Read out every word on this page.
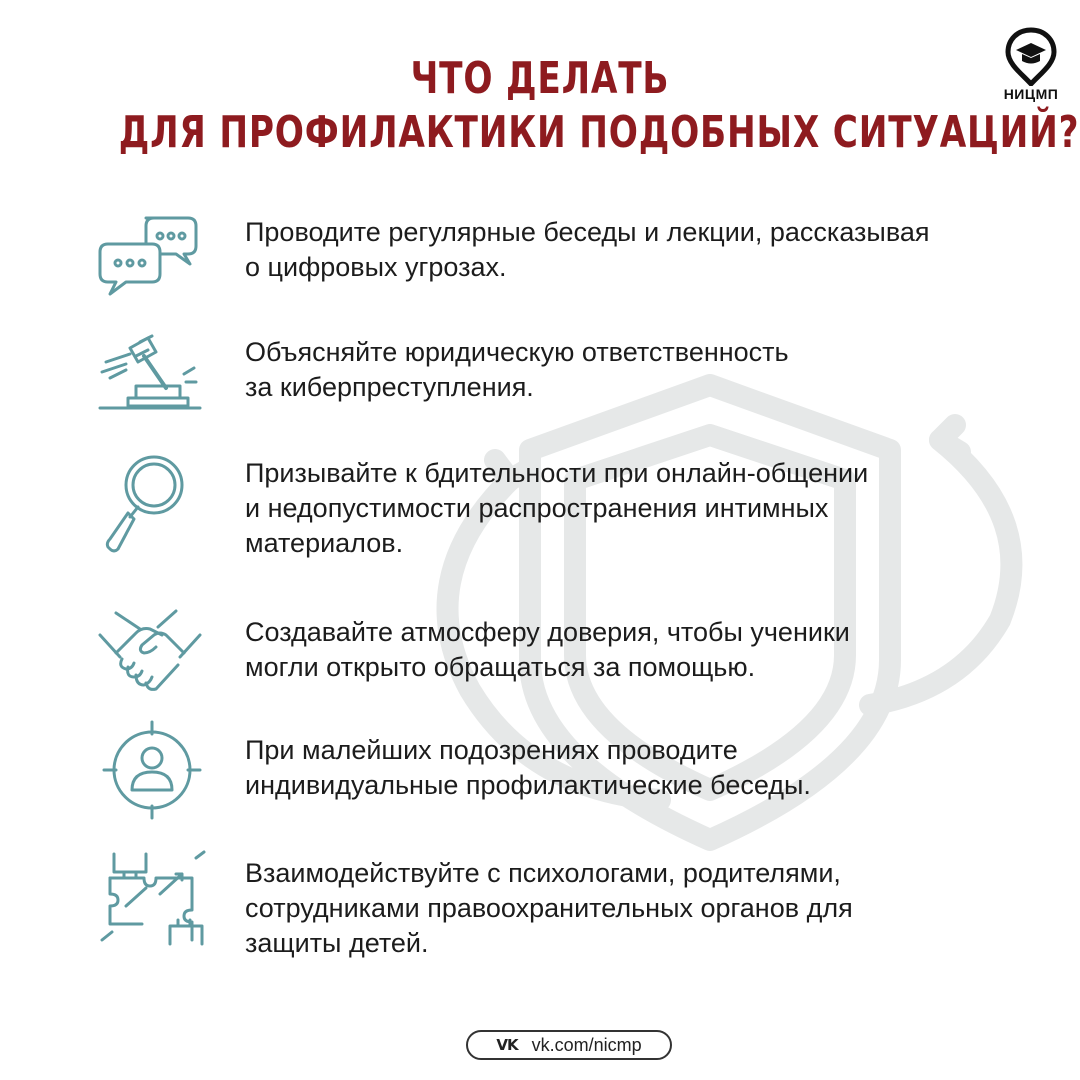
НИЦМП
ЧТО ДЕЛАТЬ
ДЛЯ ПРОФИЛАКТИКИ ПОДОБНЫХ СИТУАЦИЙ?
Проводите регулярные беседы и лекции, рассказывая
о цифровых угрозах.
Объясняйте юридическую ответственность
за киберпреступления.
Призывайте к бдительности при онлайн-общении
и недопустимости распространения интимных
материалов.
Создавайте атмосферу доверия, чтобы ученики
могли открыто обращаться за помощью.
При малейших подозрениях проводите
индивидуальные профилактические беседы.
Взаимодействуйте с психологами, родителями,
сотрудниками правоохранительных органов для
защиты детей.
VK vk.com/nicmp
